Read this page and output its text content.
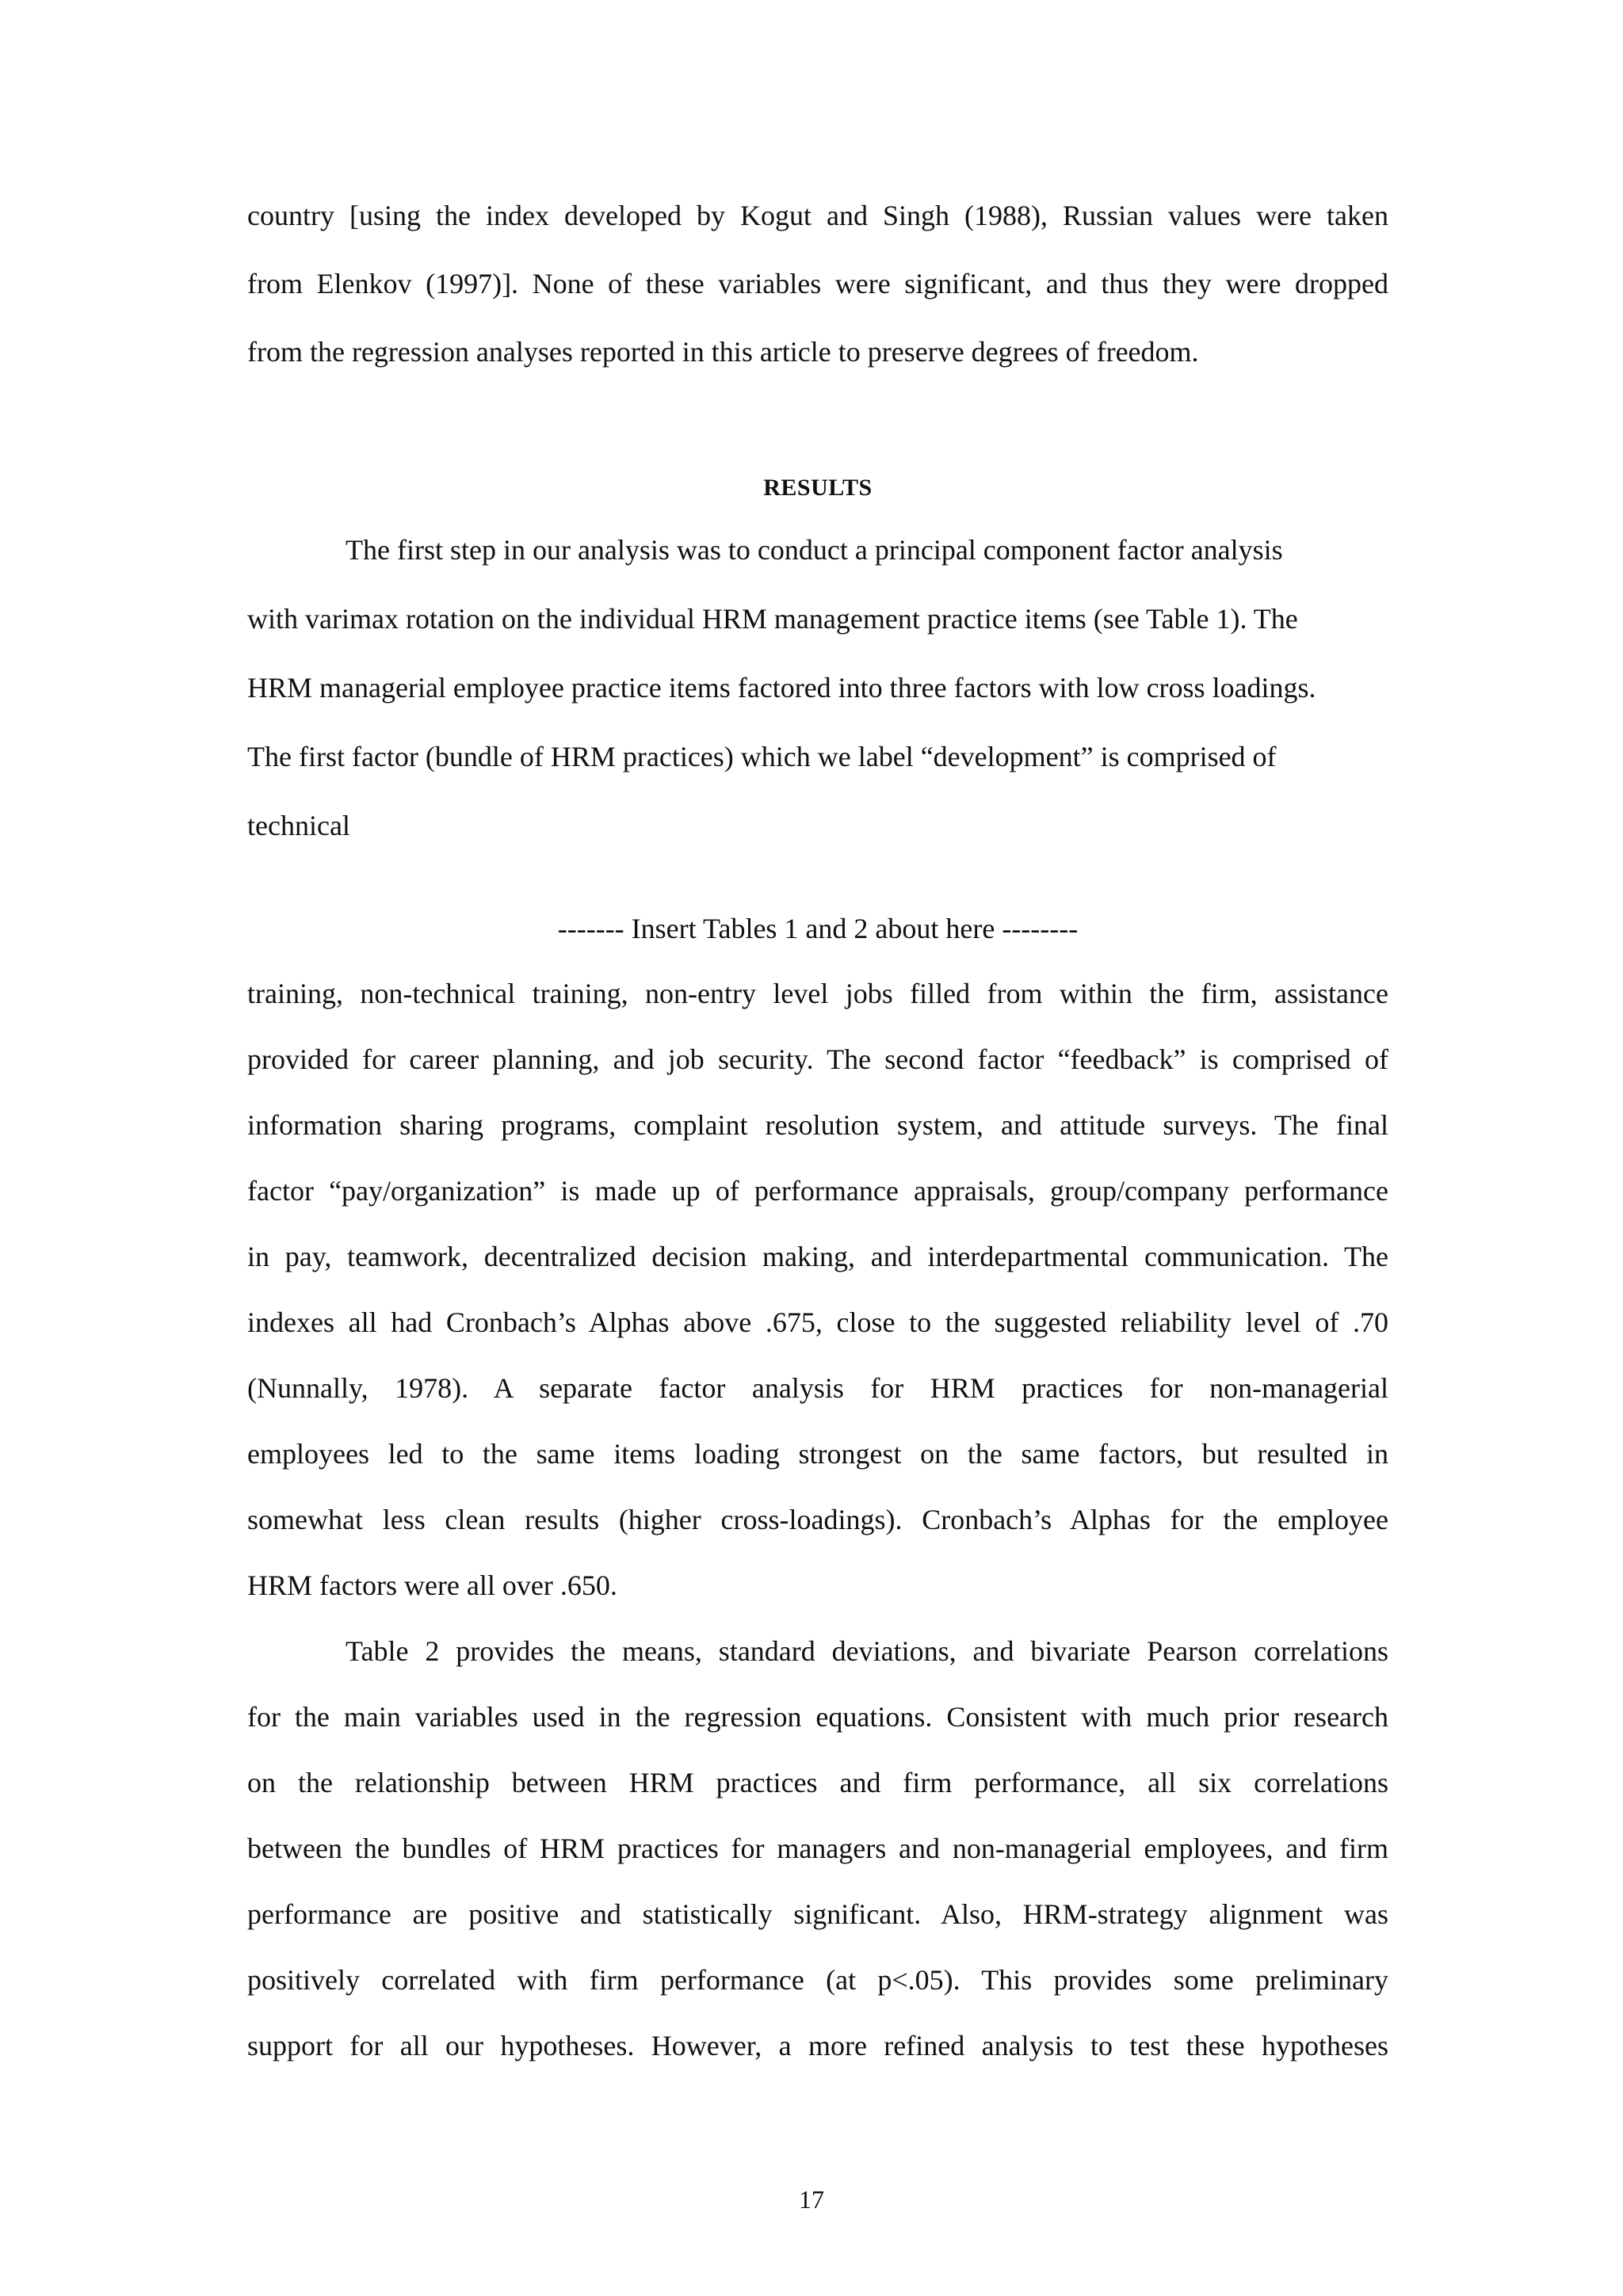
country [using the index developed by Kogut and Singh (1988), Russian values were taken
from Elenkov (1997)]. None of these variables were significant, and thus they were dropped
from the regression analyses reported in this article to preserve degrees of freedom.
RESULTS
The first step in our analysis was to conduct a principal component factor analysis
with varimax rotation on the individual HRM management practice items (see Table 1). The
HRM managerial employee practice items factored into three factors with low cross loadings.
The first factor (bundle of HRM practices) which we label “development” is comprised of
technical
------- Insert Tables 1 and 2 about here --------
training, non-technical training, non-entry level jobs filled from within the firm, assistance
provided for career planning, and job security. The second factor “feedback” is comprised of
information sharing programs, complaint resolution system, and attitude surveys. The final
factor “pay/organization” is made up of performance appraisals, group/company performance
in pay, teamwork, decentralized decision making, and interdepartmental communication. The
indexes all had Cronbach’s Alphas above .675, close to the suggested reliability level of .70
(Nunnally, 1978). A separate factor analysis for HRM practices for non-managerial
employees led to the same items loading strongest on the same factors, but resulted in
somewhat less clean results (higher cross-loadings). Cronbach’s Alphas for the employee
HRM factors were all over .650.
Table 2 provides the means, standard deviations, and bivariate Pearson correlations
for the main variables used in the regression equations. Consistent with much prior research
on the relationship between HRM practices and firm performance, all six correlations
between the bundles of HRM practices for managers and non-managerial employees, and firm
performance are positive and statistically significant. Also, HRM-strategy alignment was
positively correlated with firm performance (at p<.05). This provides some preliminary
support for all our hypotheses. However, a more refined analysis to test these hypotheses
17
